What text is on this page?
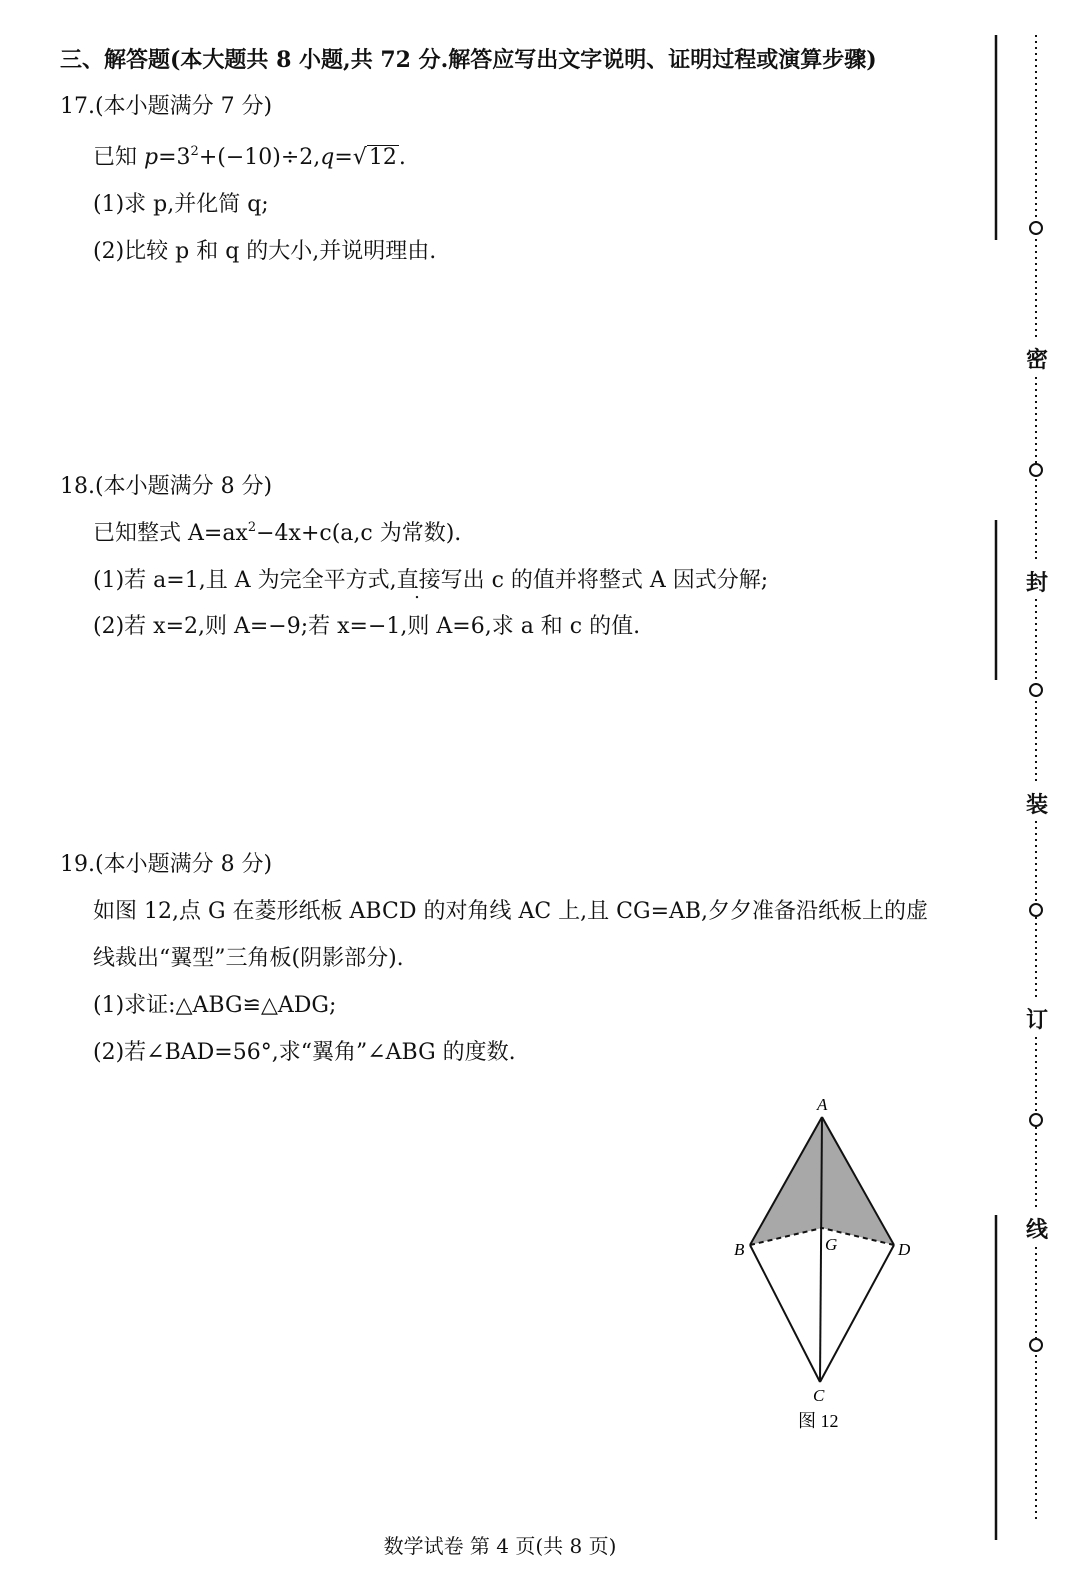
三、解答题(本大题共 8 小题,共 72 分.解答应写出文字说明、证明过程或演算步骤)
17.(本小题满分 7 分)
已知 $p=3^2+(-10)\div 2,q=√12$.
(1)求 p,并化简 q;
(2)比较 p 和 q 的大小,并说明理由.
18.(本小题满分 8 分)
已知整式 $A=ax^2-4x+c(a,c$ 为常数).
(1)若 a=1,且 A 为完全平方式,直接写出 c 的值并将整式 A 因式分解;
(2)若 x=2,则 A=−9;若 x=−1,则 A=6,求 a 和 c 的值.
19.(本小题满分 8 分)
如图 12,点 G 在菱形纸板 ABCD 的对角线 AC 上,且 CG=AB,夕夕准备沿纸板上的虚
线裁出“翼型”三角板(阴影部分).
(1)求证:△ABG≌△ADG;
(2)若∠BAD=56°,求“翼角”∠ABG 的度数.
A
B	G	D
C
图 12
密
封
装
订
线
数学试卷 第 4 页(共 8 页)
